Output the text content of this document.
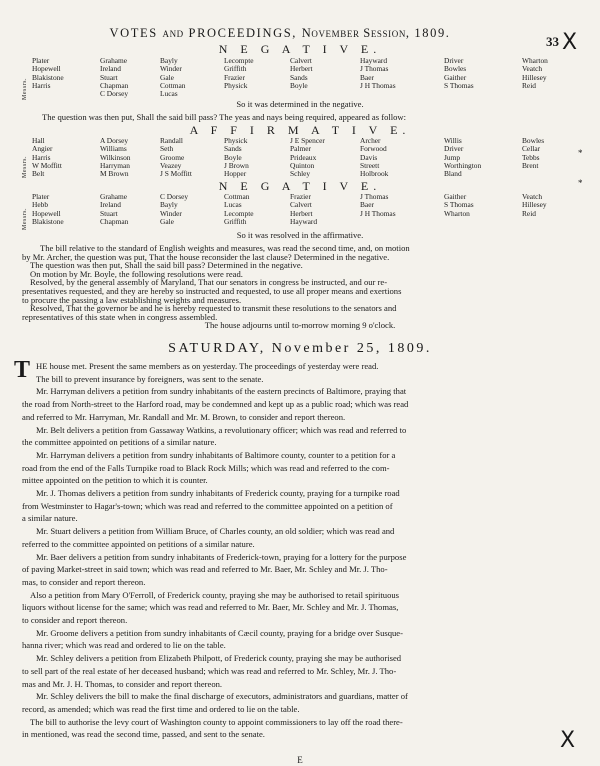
VOTES and PROCEEDINGS, November Session, 1809.
33 X
*
*
N E G A T I V E.
Messrs.
Plater
Hopewell
Blakistone
Harris
Grahame
Ireland
Stuart
Chapman
C Dorsey
Bayly
Winder
Gale
Cottman
Lucas
Lecompte
Griffith
Frazier
Physick
Calvert
Herbert
Sands
Boyle
Hayward
J Thomas
Baer
J H Thomas
Driver
Bowles
Gaither
S Thomas
Wharton
Veatch
Hillesey
Reid
So it was determined in the negative.
The question was then put, Shall the said bill pass? The yeas and nays being required, appeared as follow:
A F F I R M A T I V E.
Messrs.
Hall
Angier
Harris
W Moffitt
Belt
A Dorsey
Williams
Wilkinson
Harryman
M Brown
Randall
Seth
Groome
Veazey
J S Moffitt
Physick
Sands
Boyle
J Brown
Hopper
J E Spencer
Palmer
Prideaux
Quinton
Schley
Archer
Forwood
Davis
Streett
Holbrook
Willis
Driver
Jump
Worthington
Bland
Bowles
Cellar
Tebbs
Brent
N E G A T I V E.
Messrs.
Plater
Hebb
Hopewell
Blakistone
Grahame
Ireland
Stuart
Chapman
C Dorsey
Bayly
Winder
Gale
Cottman
Lucas
Lecompte
Griffith
Frazier
Calvert
Herbert
Hayward
J Thomas
Baer
J H Thomas
Gaither
S Thomas
Wharton
Veatch
Hillesey
Reid
So it was resolved in the affirmative.
The bill relative to the standard of English weights and measures, was read the second time, and, on motion
by Mr. Archer, the question was put, That the house reconsider the last clause? Determined in the negative.
The question was then put, Shall the said bill pass? Determined in the negative.
On motion by Mr. Boyle, the following resolutions were read.
Resolved, by the general assembly of Maryland, That our senators in congress be instructed, and our re-
presentatives requested, and they are hereby so instructed and requested, to use all proper means and exertions
to procure the passing a law establishing weights and measures.
Resolved, That the governor be and he is hereby requested to transmit these resolutions to the senators and
representatives of this state when in congress assembled.
The house adjourns until to-morrow morning 9 o'clock.
SATURDAY, November 25, 1809.
T HE house met. Present the same members as on yesterday. The proceedings of yesterday were read.
The bill to prevent insurance by foreigners, was sent to the senate.
Mr. Harryman delivers a petition from sundry inhabitants of the eastern precincts of Baltimore, praying that
the road from North-street to the Harford road, may be condemned and kept up as a public road; which was read
and referred to Mr. Harryman, Mr. Randall and Mr. M. Brown, to consider and report thereon.
Mr. Belt delivers a petition from Gassaway Watkins, a revolutionary officer; which was read and referred to
the committee appointed on petitions of a similar nature.
Mr. Harryman delivers a petition from sundry inhabitants of Baltimore county, counter to a petition for a
road from the end of the Falls Turnpike road to Black Rock Mills; which was read and referred to the com-
mittee appointed on the petition to which it is counter.
Mr. J. Thomas delivers a petition from sundry inhabitants of Frederick county, praying for a turnpike road
from Westminster to Hagar's-town; which was read and referred to the committee appointed on a petition of
a similar nature.
Mr. Stuart delivers a petition from William Bruce, of Charles county, an old soldier; which was read and
referred to the committee appointed on petitions of a similar nature.
Mr. Baer delivers a petition from sundry inhabitants of Frederick-town, praying for a lottery for the purpose
of paving Market-street in said town; which was read and referred to Mr. Baer, Mr. Schley and Mr. J. Tho-
mas, to consider and report thereon.
Also a petition from Mary O'Ferroll, of Frederick county, praying she may be authorised to retail spirituous
liquors without license for the same; which was read and referred to Mr. Baer, Mr. Schley and Mr. J. Thomas,
to consider and report thereon.
Mr. Groome delivers a petition from sundry inhabitants of Cæcil county, praying for a bridge over Susque-
hanna river; which was read and ordered to lie on the table.
Mr. Schley delivers a petition from Elizabeth Philpott, of Frederick county, praying she may be authorised
to sell part of the real estate of her deceased husband; which was read and referred to Mr. Schley, Mr. J. Tho-
mas and Mr. J. H. Thomas, to consider and report thereon.
Mr. Schley delivers the bill to make the final discharge of executors, administrators and guardians, matter of
record, as amended; which was read the first time and ordered to lie on the table.
The bill to authorise the levy court of Washington county to appoint commissioners to lay off the road there-
in mentioned, was read the second time, passed, and sent to the senate.	X
E
